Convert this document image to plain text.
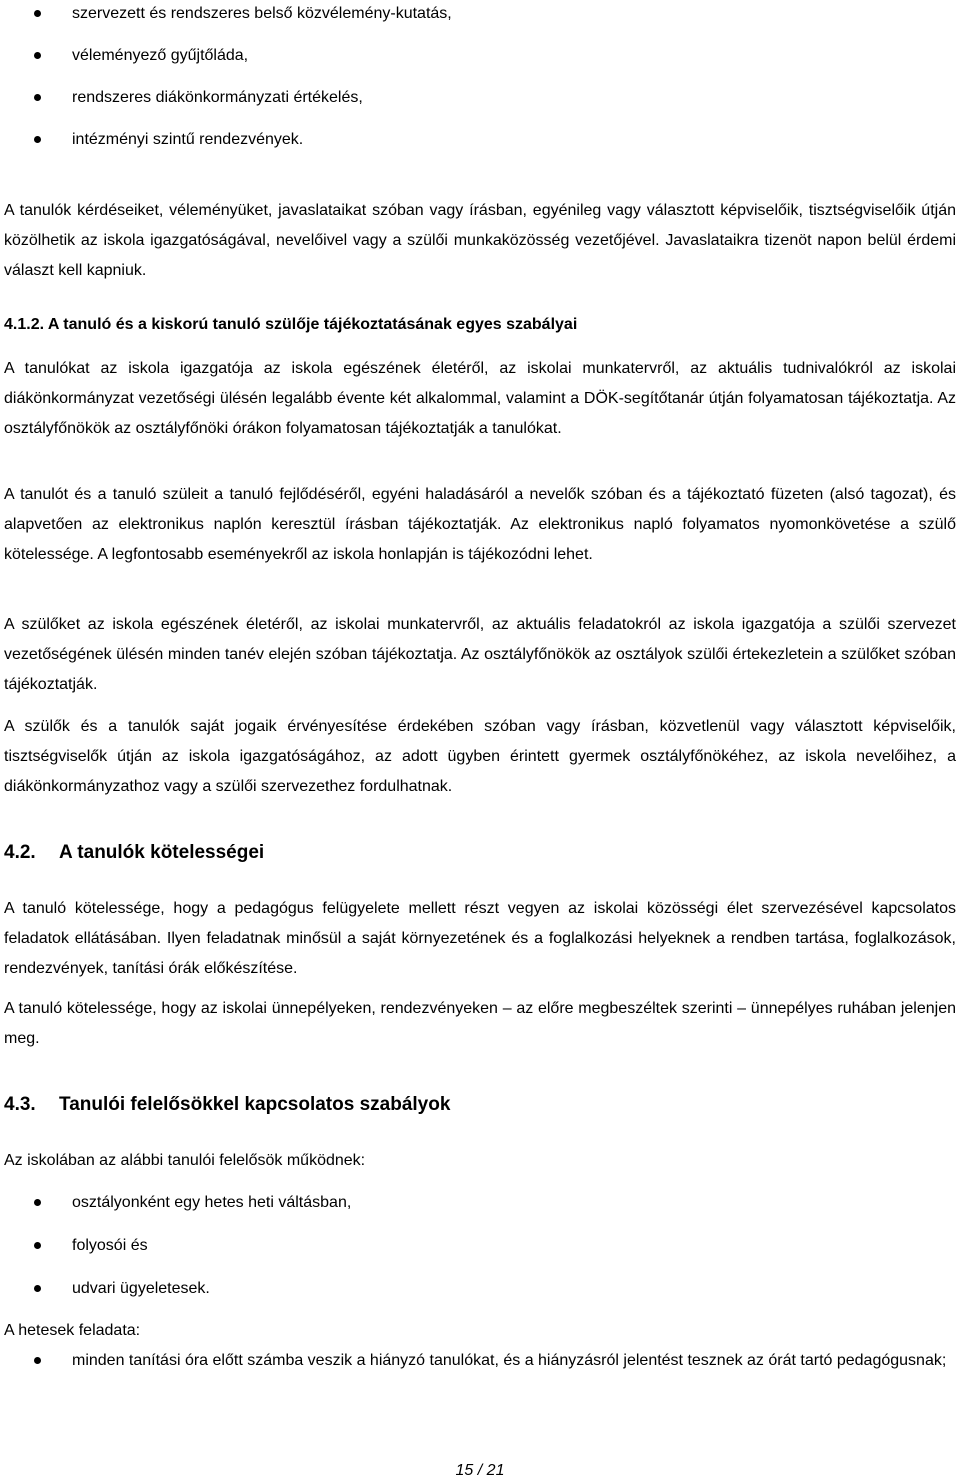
szervezett és rendszeres belső közvélemény-kutatás,
véleményező gyűjtőláda,
rendszeres diákönkormányzati értékelés,
intézményi szintű rendezvények.

A tanulók kérdéseiket, véleményüket, javaslataikat szóban vagy írásban, egyénileg vagy választott képviselőik, tisztségviselőik útján közölhetik az iskola igazgatóságával, nevelőivel vagy a szülői munkaközösség vezetőjével. Javaslataikra tizenöt napon belül érdemi választ kell kapniuk.

4.1.2. A tanuló és a kiskorú tanuló szülője tájékoztatásának egyes szabályai

A tanulókat az iskola igazgatója az iskola egészének életéről, az iskolai munkatervről, az aktuális tudnivalókról az iskolai diákönkormányzat vezetőségi ülésén legalább évente két alkalommal, valamint a DÖK-segítőtanár útján folyamatosan tájékoztatja. Az osztályfőnökök az osztályfőnöki órákon folyamatosan tájékoztatják a tanulókat.

A tanulót és a tanuló szüleit a tanuló fejlődéséről, egyéni haladásáról a nevelők szóban és a tájékoztató füzeten (alsó tagozat), és alapvetően az elektronikus naplón keresztül írásban tájékoztatják. Az elektronikus napló folyamatos nyomonkövetése a szülő kötelessége. A legfontosabb eseményekről az iskola honlapján is tájékozódni lehet.

A szülőket az iskola egészének életéről, az iskolai munkatervről, az aktuális feladatokról az iskola igazgatója a szülői szervezet vezetőségének ülésén minden tanév elején szóban tájékoztatja. Az osztályfőnökök az osztályok szülői értekezletein a szülőket szóban tájékoztatják.

A szülők és a tanulók saját jogaik érvényesítése érdekében szóban vagy írásban, közvetlenül vagy választott képviselőik, tisztségviselők útján az iskola igazgatóságához, az adott ügyben érintett gyermek osztályfőnökéhez, az iskola nevelőihez, a diákönkormányzathoz vagy a szülői szervezethez fordulhatnak.

4.2. A tanulók kötelességei

A tanuló kötelessége, hogy a pedagógus felügyelete mellett részt vegyen az iskolai közösségi élet szervezésével kapcsolatos feladatok ellátásában. Ilyen feladatnak minősül a saját környezetének és a foglalkozási helyeknek a rendben tartása, foglalkozások, rendezvények, tanítási órák előkészítése.

A tanuló kötelessége, hogy az iskolai ünnepélyeken, rendezvényeken – az előre megbeszéltek szerinti – ünnepélyes ruhában jelenjen meg.

4.3. Tanulói felelősökkel kapcsolatos szabályok

Az iskolában az alábbi tanulói felelősök működnek:

osztályonként egy hetes heti váltásban,
folyosói és
udvari ügyeletesek.

A hetesek feladata:

minden tanítási óra előtt számba veszik a hiányzó tanulókat, és a hiányzásról jelentést tesznek az órát tartó pedagógusnak;
15 / 21
